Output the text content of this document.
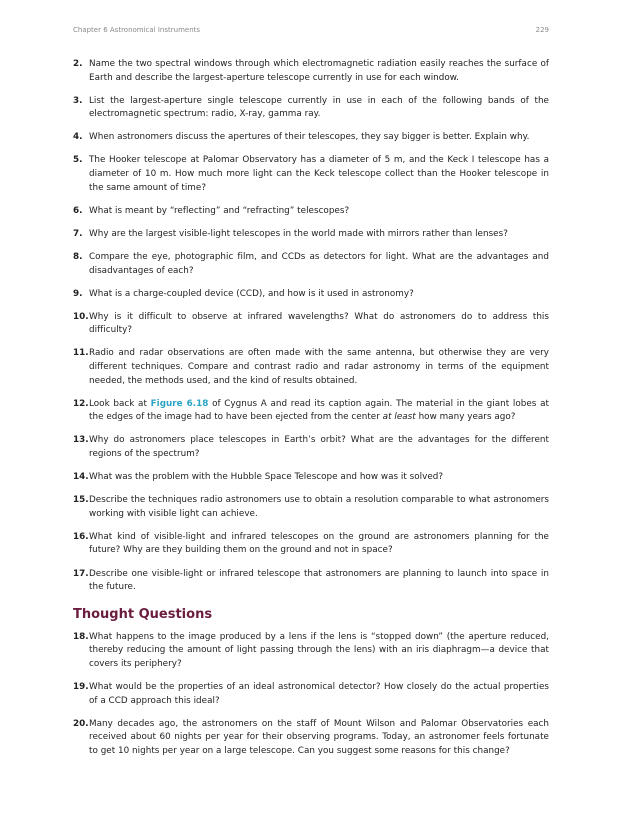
Chapter 6 Astronomical Instruments	229
2. Name the two spectral windows through which electromagnetic radiation easily reaches the surface of Earth and describe the largest-aperture telescope currently in use for each window.
3. List the largest-aperture single telescope currently in use in each of the following bands of the electromagnetic spectrum: radio, X-ray, gamma ray.
4. When astronomers discuss the apertures of their telescopes, they say bigger is better. Explain why.
5. The Hooker telescope at Palomar Observatory has a diameter of 5 m, and the Keck I telescope has a diameter of 10 m. How much more light can the Keck telescope collect than the Hooker telescope in the same amount of time?
6. What is meant by “reflecting” and “refracting” telescopes?
7. Why are the largest visible-light telescopes in the world made with mirrors rather than lenses?
8. Compare the eye, photographic film, and CCDs as detectors for light. What are the advantages and disadvantages of each?
9. What is a charge-coupled device (CCD), and how is it used in astronomy?
10. Why is it difficult to observe at infrared wavelengths? What do astronomers do to address this difficulty?
11. Radio and radar observations are often made with the same antenna, but otherwise they are very different techniques. Compare and contrast radio and radar astronomy in terms of the equipment needed, the methods used, and the kind of results obtained.
12. Look back at Figure 6.18 of Cygnus A and read its caption again. The material in the giant lobes at the edges of the image had to have been ejected from the center at least how many years ago?
13. Why do astronomers place telescopes in Earth’s orbit? What are the advantages for the different regions of the spectrum?
14. What was the problem with the Hubble Space Telescope and how was it solved?
15. Describe the techniques radio astronomers use to obtain a resolution comparable to what astronomers working with visible light can achieve.
16. What kind of visible-light and infrared telescopes on the ground are astronomers planning for the future? Why are they building them on the ground and not in space?
17. Describe one visible-light or infrared telescope that astronomers are planning to launch into space in the future.
Thought Questions
18. What happens to the image produced by a lens if the lens is “stopped down” (the aperture reduced, thereby reducing the amount of light passing through the lens) with an iris diaphragm—a device that covers its periphery?
19. What would be the properties of an ideal astronomical detector? How closely do the actual properties of a CCD approach this ideal?
20. Many decades ago, the astronomers on the staff of Mount Wilson and Palomar Observatories each received about 60 nights per year for their observing programs. Today, an astronomer feels fortunate to get 10 nights per year on a large telescope. Can you suggest some reasons for this change?
